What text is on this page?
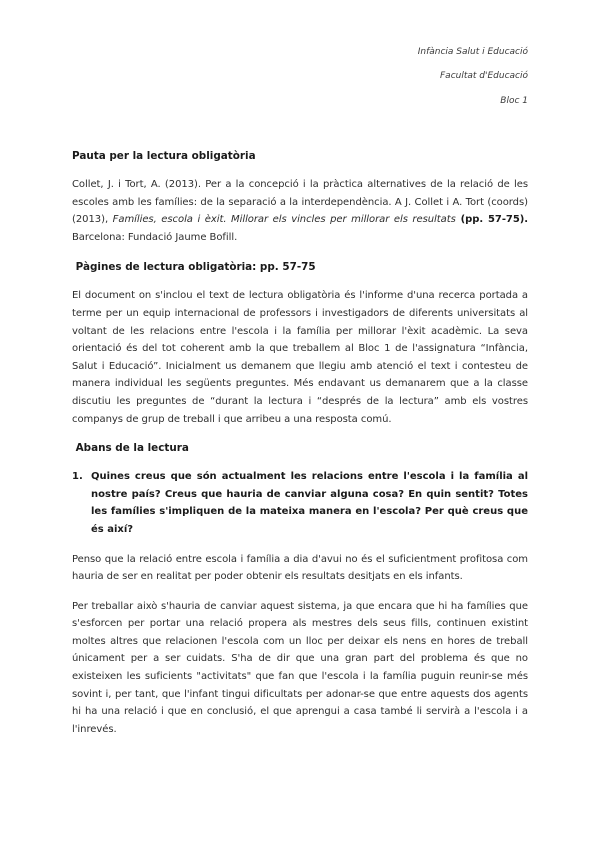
Infància Salut i Educació
Facultat d'Educació
Bloc 1
Pauta per la lectura obligatòria

Collet, J. i Tort, A. (2013). Per a la concepció i la pràctica alternatives de la relació de les escoles amb les famílies: de la separació a la interdependència. A J. Collet i A. Tort (coords) (2013), Famílies, escola i èxit. Millorar els vincles per millorar els resultats (pp. 57-75). Barcelona: Fundació Jaume Bofill.

Pàgines de lectura obligatòria: pp. 57-75

El document on s'inclou el text de lectura obligatòria és l'informe d'una recerca portada a terme per un equip internacional de professors i investigadors de diferents universitats al voltant de les relacions entre l'escola i la família per millorar l'èxit acadèmic. La seva orientació és del tot coherent amb la que treballem al Bloc 1 de l'assignatura “Infància, Salut i Educació”. Inicialment us demanem que llegiu amb atenció el text i contesteu de manera individual les següents preguntes. Més endavant us demanarem que a la classe discutiu les preguntes de “durant la lectura i “després de la lectura” amb els vostres companys de grup de treball i que arribeu a una resposta comú.

Abans de la lectura
1. Quines creus que són actualment les relacions entre l'escola i la família al nostre país? Creus que hauria de canviar alguna cosa? En quin sentit? Totes les famílies s'impliquen de la mateixa manera en l'escola? Per què creus que és així?

Penso que la relació entre escola i família a dia d'avui no és el suficientment profitosa com hauria de ser en realitat per poder obtenir els resultats desitjats en els infants.

Per treballar això s'hauria de canviar aquest sistema, ja que encara que hi ha famílies que s'esforcen per portar una relació propera als mestres dels seus fills, continuen existint moltes altres que relacionen l'escola com un lloc per deixar els nens en hores de treball únicament per a ser cuidats. S'ha de dir que una gran part del problema és que no existeixen les suficients "activitats" que fan que l'escola i la família puguin reunir-se més sovint i, per tant, que l'infant tingui dificultats per adonar-se que entre aquests dos agents hi ha una relació i que en conclusió, el que aprengui a casa també li servirà a l'escola i a l'inrevés.
